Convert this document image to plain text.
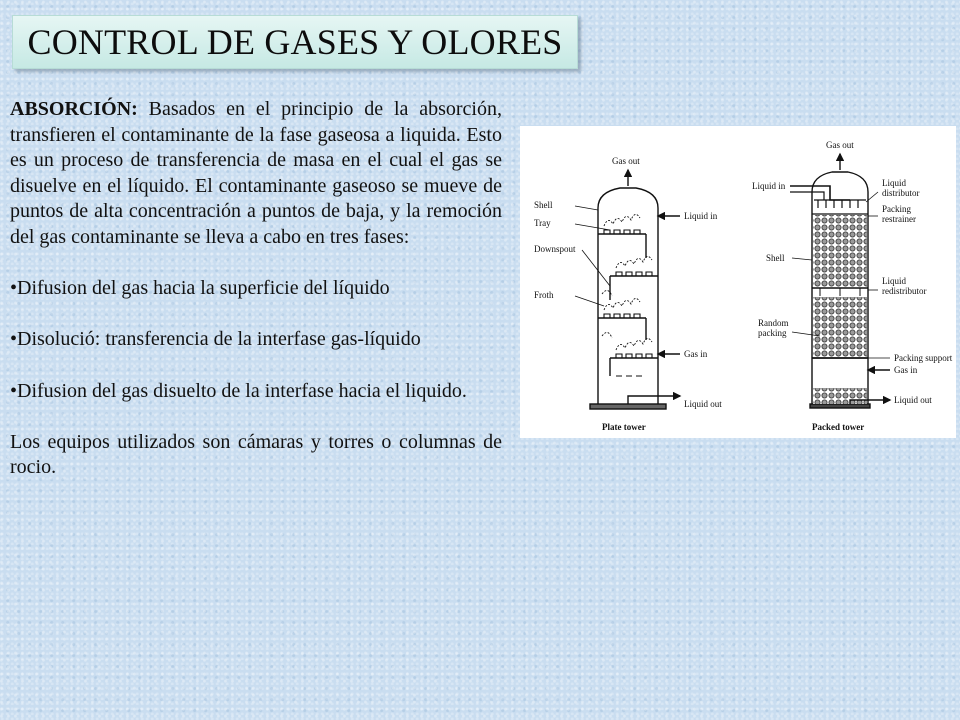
CONTROL DE GASES Y OLORES

ABSORCIÓN: Basados en el principio de la absorción, transfieren el contaminante de la fase gaseosa a liquida. Esto es un proceso de transferencia de masa en el cual el gas se disuelve en el líquido. El contaminante gaseoso se mueve de puntos de alta concentración a puntos de baja, y la remoción del gas contaminante se lleva a cabo en tres fases:

•Difusion del gas hacia la superficie del líquido

•Disolució: transferencia de la interfase gas-líquido

•Difusion del gas disuelto de la interfase hacia el liquido.

Los equipos utilizados son cámaras y torres o columnas de rocio.

Gas out
Shell
Tray
Downspout
Froth
Liquid in
Gas in
Liquid out
Plate tower
Gas out
Liquid in	Liquid
distributor
Packing
restrainer
Shell
Liquid
redistributor
Random
packing
Packing support
Gas in
Liquid out
Packed tower
